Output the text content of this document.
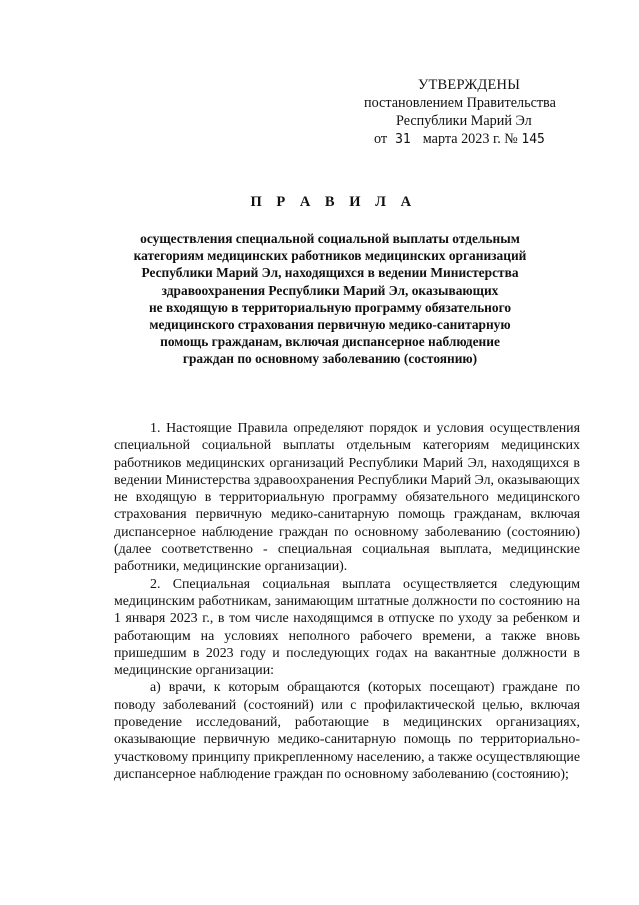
УТВЕРЖДЕНЫ
постановлением Правительства
Республики Марий Эл
от 31 марта 2023 г. № 145
П Р А В И Л А
осуществления специальной социальной выплаты отдельным
категориям медицинских работников медицинских организаций
Республики Марий Эл, находящихся в ведении Министерства
здравоохранения Республики Марий Эл, оказывающих
не входящую в территориальную программу обязательного
медицинского страхования первичную медико-санитарную
помощь гражданам, включая диспансерное наблюдение
граждан по основному заболеванию (состоянию)

1. Настоящие Правила определяют порядок и условия осуществления специальной социальной выплаты отдельным категориям медицинских работников медицинских организаций Республики Марий Эл, находящихся в ведении Министерства здравоохранения Республики Марий Эл, оказывающих не входящую в территориальную программу обязательного медицинского страхования первичную медико-санитарную помощь гражданам, включая диспансерное наблюдение граждан по основному заболеванию (состоянию) (далее соответственно - специальная социальная выплата, медицинские работники, медицинские организации).

2. Специальная социальная выплата осуществляется следующим медицинским работникам, занимающим штатные должности по состоянию на 1 января 2023 г., в том числе находящимся в отпуске по уходу за ребенком и работающим на условиях неполного рабочего времени, а также вновь пришедшим в 2023 году и последующих годах на вакантные должности в медицинские организации:

а) врачи, к которым обращаются (которых посещают) граждане по поводу заболеваний (состояний) или с профилактической целью, включая проведение исследований, работающие в медицинских организациях, оказывающие первичную медико-санитарную помощь по территориально-участковому принципу прикрепленному населению, а также осуществляющие диспансерное наблюдение граждан по основному заболеванию (состоянию);
